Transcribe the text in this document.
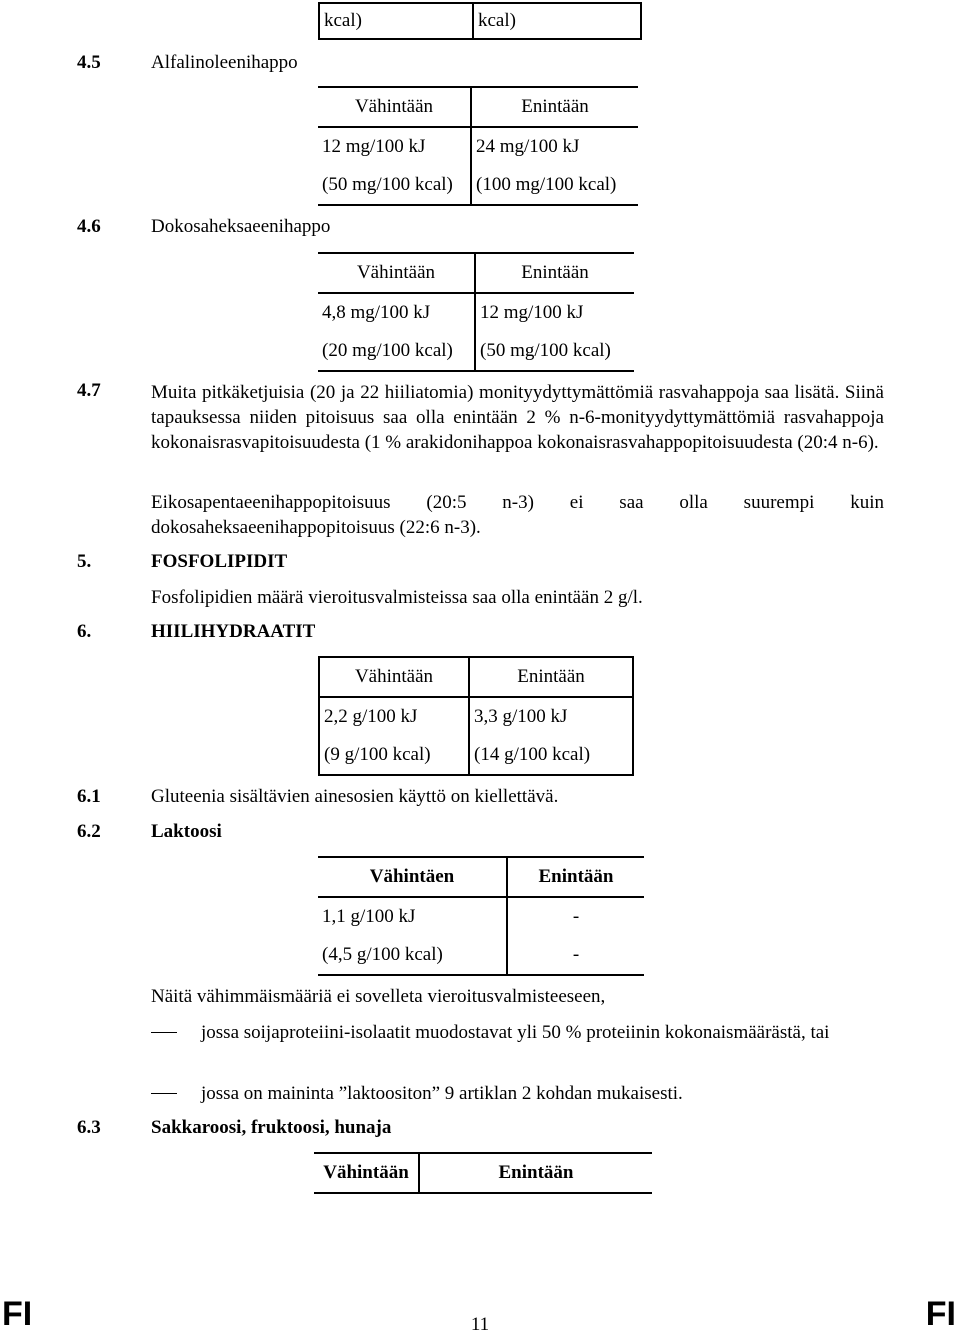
kcal)	kcal)
4.5	Alfalinoleenihappo
Vähintään	Enintään
12 mg/100 kJ	24 mg/100 kJ
(50 mg/100 kcal)	(100 mg/100 kcal)
4.6	Dokosaheksaeenihappo
Vähintään	Enintään
4,8 mg/100 kJ	12 mg/100 kJ
(20 mg/100 kcal)	(50 mg/100 kcal)
4.7	Muita pitkäketjuisia (20 ja 22 hiiliatomia) monityydyttymättömiä rasvahappoja saa lisätä. Siinä tapauksessa niiden pitoisuus saa olla enintään 2 % n-6-monityydyttymättömiä rasvahappoja kokonaisrasvapitoisuudesta (1 % arakidonihappoa kokonaisrasvahappopitoisuudesta (20:4 n-6).
Eikosapentaeenihappopitoisuus (20:5 n-3) ei saa olla suurempi kuin dokosaheksaeenihappopitoisuus (22:6 n-3).
5.	FOSFOLIPIDIT
Fosfolipidien määrä vieroitusvalmisteissa saa olla enintään 2 g/l.
6.	HIILIHYDRAATIT
Vähintään	Enintään
2,2 g/100 kJ	3,3 g/100 kJ
(9 g/100 kcal)	(14 g/100 kcal)
6.1	Gluteenia sisältävien ainesosien käyttö on kiellettävä.
6.2	Laktoosi
Vähintäen	Enintään
1,1 g/100 kJ	-
(4,5 g/100 kcal)	-
Näitä vähimmäismääriä ei sovelleta vieroitusvalmisteeseen,
jossa soijaproteiini-isolaatit muodostavat yli 50 % proteiinin kokonaismäärästä, tai
jossa on maininta ”laktoositon” 9 artiklan 2 kohdan mukaisesti.
6.3	Sakkaroosi, fruktoosi, hunaja
Vähintään	Enintään
FI	11	FI
